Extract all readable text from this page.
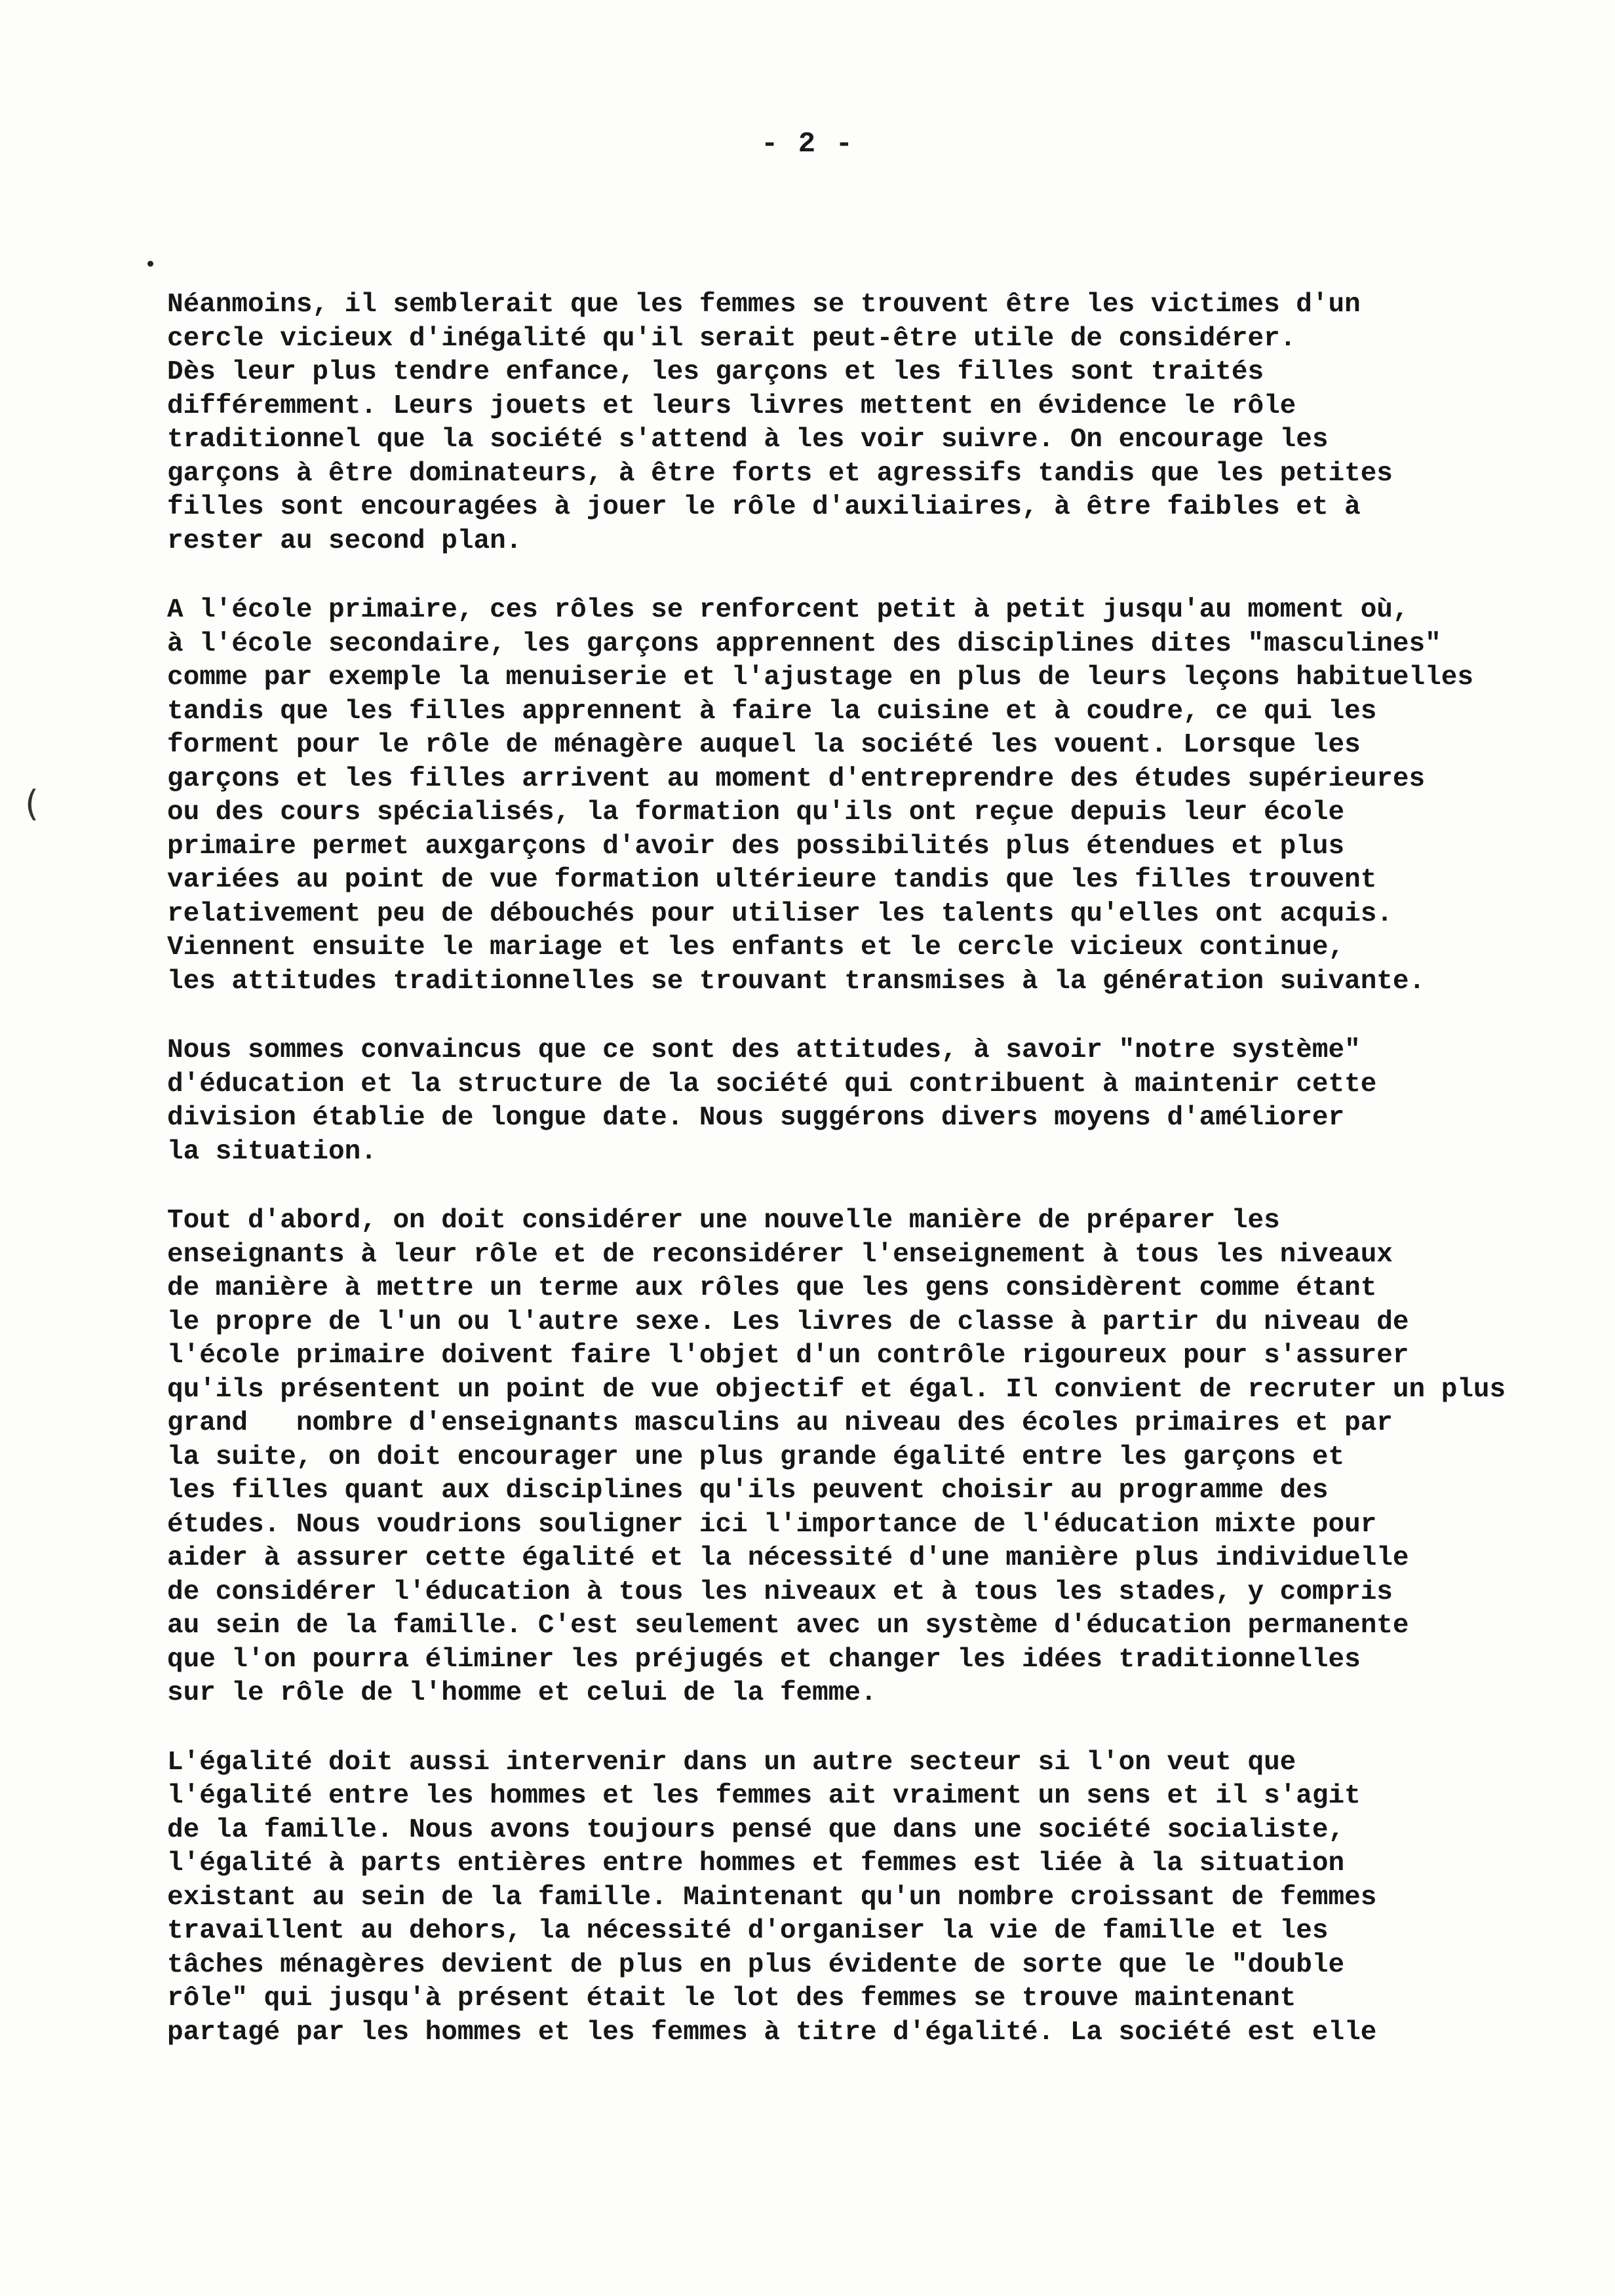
- 2 -
(
Néanmoins, il semblerait que les femmes se trouvent être les victimes d'un
cercle vicieux d'inégalité qu'il serait peut-être utile de considérer.
Dès leur plus tendre enfance, les garçons et les filles sont traités
différemment. Leurs jouets et leurs livres mettent en évidence le rôle
traditionnel que la société s'attend à les voir suivre. On encourage les
garçons à être dominateurs, à être forts et agressifs tandis que les petites
filles sont encouragées à jouer le rôle d'auxiliaires, à être faibles et à
rester au second plan.
A l'école primaire, ces rôles se renforcent petit à petit jusqu'au moment où,
à l'école secondaire, les garçons apprennent des disciplines dites "masculines"
comme par exemple la menuiserie et l'ajustage en plus de leurs leçons habituelles
tandis que les filles apprennent à faire la cuisine et à coudre, ce qui les
forment pour le rôle de ménagère auquel la société les vouent. Lorsque les
garçons et les filles arrivent au moment d'entreprendre des études supérieures
ou des cours spécialisés, la formation qu'ils ont reçue depuis leur école
primaire permet auxgarçons d'avoir des possibilités plus étendues et plus
variées au point de vue formation ultérieure tandis que les filles trouvent
relativement peu de débouchés pour utiliser les talents qu'elles ont acquis.
Viennent ensuite le mariage et les enfants et le cercle vicieux continue,
les attitudes traditionnelles se trouvant transmises à la génération suivante.
Nous sommes convaincus que ce sont des attitudes, à savoir "notre système"
d'éducation et la structure de la société qui contribuent à maintenir cette
division établie de longue date. Nous suggérons divers moyens d'améliorer
la situation.
Tout d'abord, on doit considérer une nouvelle manière de préparer les
enseignants à leur rôle et de reconsidérer l'enseignement à tous les niveaux
de manière à mettre un terme aux rôles que les gens considèrent comme étant
le propre de l'un ou l'autre sexe. Les livres de classe à partir du niveau de
l'école primaire doivent faire l'objet d'un contrôle rigoureux pour s'assurer
qu'ils présentent un point de vue objectif et égal. Il convient de recruter un plus
grand   nombre d'enseignants masculins au niveau des écoles primaires et par
la suite, on doit encourager une plus grande égalité entre les garçons et
les filles quant aux disciplines qu'ils peuvent choisir au programme des
études. Nous voudrions souligner ici l'importance de l'éducation mixte pour
aider à assurer cette égalité et la nécessité d'une manière plus individuelle
de considérer l'éducation à tous les niveaux et à tous les stades, y compris
au sein de la famille. C'est seulement avec un système d'éducation permanente
que l'on pourra éliminer les préjugés et changer les idées traditionnelles
sur le rôle de l'homme et celui de la femme.
L'égalité doit aussi intervenir dans un autre secteur si l'on veut que
l'égalité entre les hommes et les femmes ait vraiment un sens et il s'agit
de la famille. Nous avons toujours pensé que dans une société socialiste,
l'égalité à parts entières entre hommes et femmes est liée à la situation
existant au sein de la famille. Maintenant qu'un nombre croissant de femmes
travaillent au dehors, la nécessité d'organiser la vie de famille et les
tâches ménagères devient de plus en plus évidente de sorte que le "double
rôle" qui jusqu'à présent était le lot des femmes se trouve maintenant
partagé par les hommes et les femmes à titre d'égalité. La société est elle
